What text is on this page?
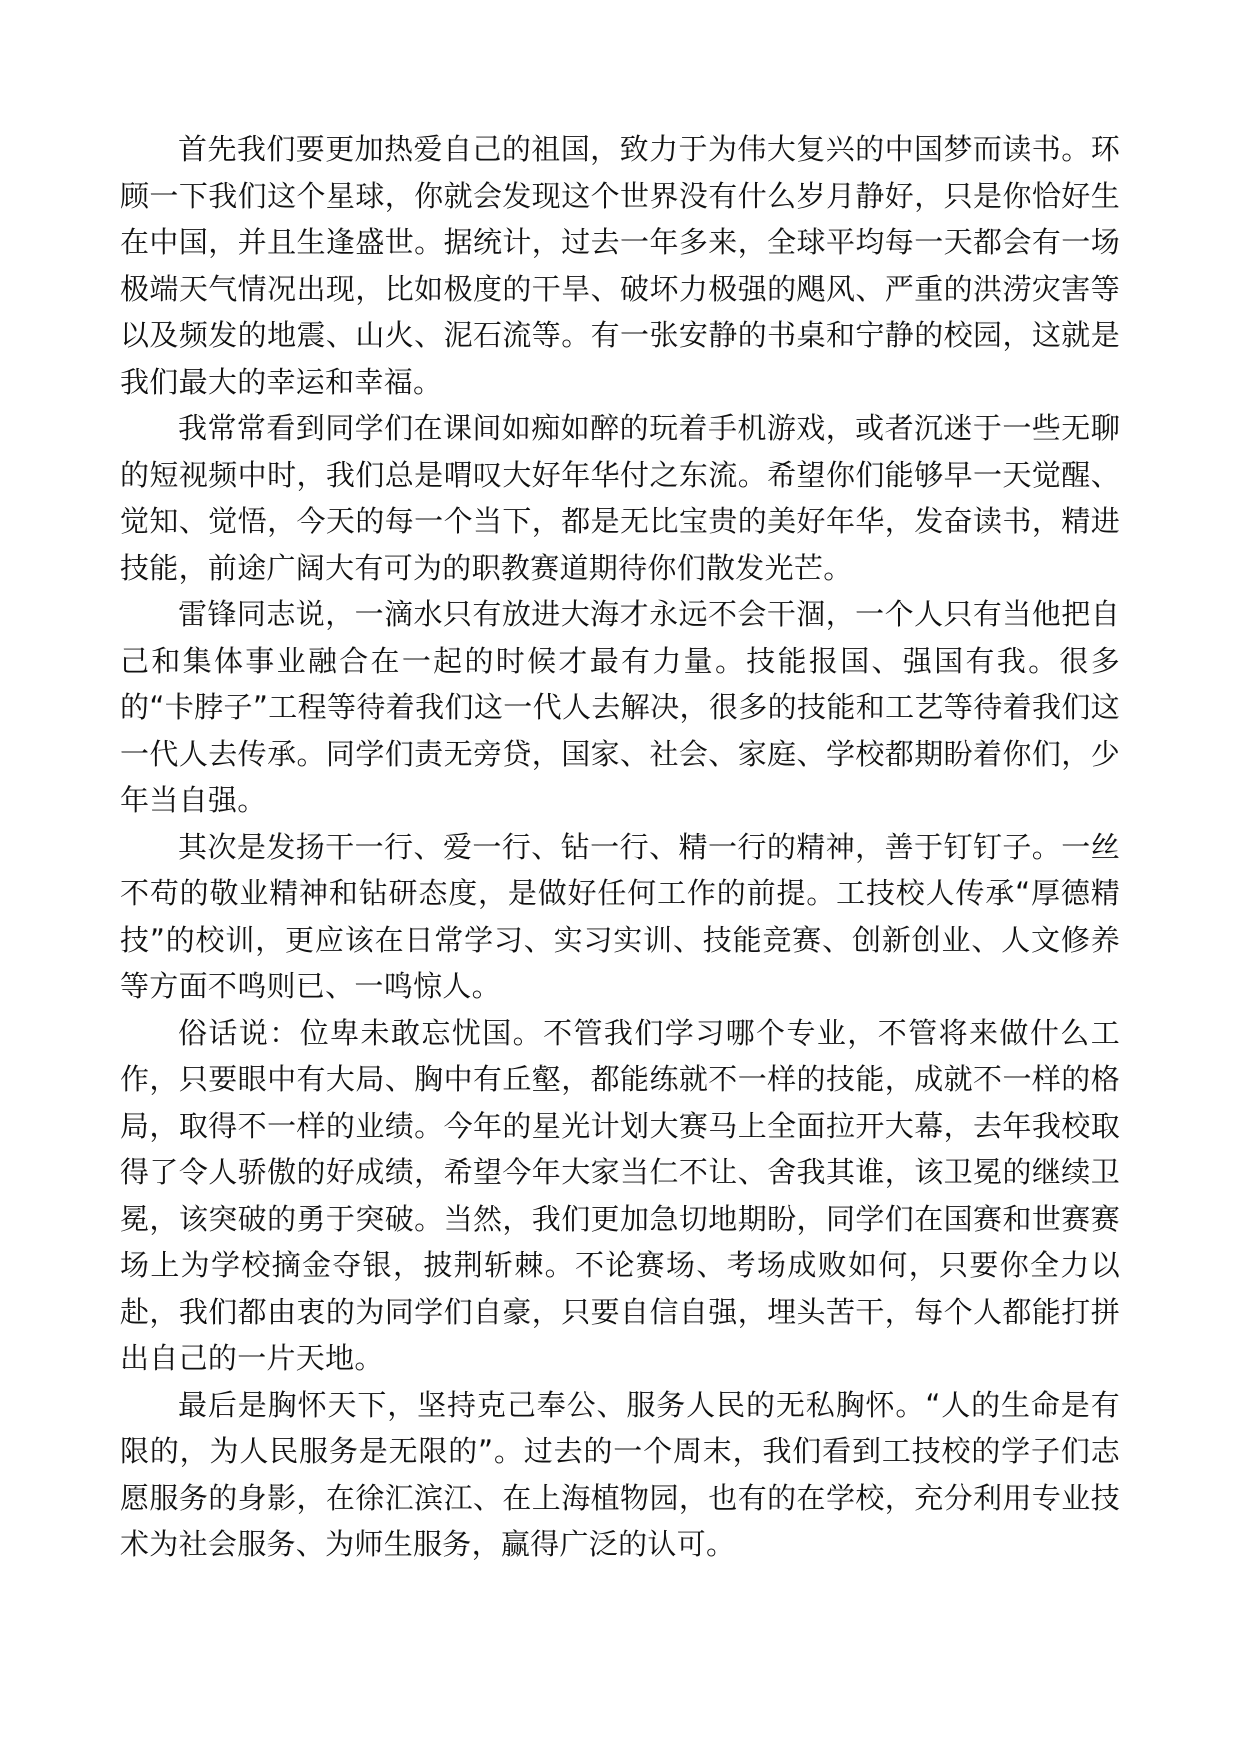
首先我们要更加热爱自己的祖国，致力于为伟大复兴的中国梦而读书。环顾一下我们这个星球，你就会发现这个世界没有什么岁月静好，只是你恰好生在中国，并且生逢盛世。据统计，过去一年多来，全球平均每一天都会有一场极端天气情况出现，比如极度的干旱、破坏力极强的飓风、严重的洪涝灾害等以及频发的地震、山火、泥石流等。有一张安静的书桌和宁静的校园，这就是我们最大的幸运和幸福。

我常常看到同学们在课间如痴如醉的玩着手机游戏，或者沉迷于一些无聊的短视频中时，我们总是喟叹大好年华付之东流。希望你们能够早一天觉醒、觉知、觉悟，今天的每一个当下，都是无比宝贵的美好年华，发奋读书，精进技能，前途广阔大有可为的职教赛道期待你们散发光芒。

雷锋同志说，一滴水只有放进大海才永远不会干涸，一个人只有当他把自己和集体事业融合在一起的时候才最有力量。技能报国、强国有我。很多的“卡脖子”工程等待着我们这一代人去解决，很多的技能和工艺等待着我们这一代人去传承。同学们责无旁贷，国家、社会、家庭、学校都期盼着你们，少年当自强。

其次是发扬干一行、爱一行、钻一行、精一行的精神，善于钉钉子。一丝不苟的敬业精神和钻研态度，是做好任何工作的前提。工技校人传承“厚德精技”的校训，更应该在日常学习、实习实训、技能竞赛、创新创业、人文修养等方面不鸣则已、一鸣惊人。

俗话说：位卑未敢忘忧国。不管我们学习哪个专业，不管将来做什么工作，只要眼中有大局、胸中有丘壑，都能练就不一样的技能，成就不一样的格局，取得不一样的业绩。今年的星光计划大赛马上全面拉开大幕，去年我校取得了令人骄傲的好成绩，希望今年大家当仁不让、舍我其谁，该卫冕的继续卫冕，该突破的勇于突破。当然，我们更加急切地期盼，同学们在国赛和世赛赛场上为学校摘金夺银，披荆斩棘。不论赛场、考场成败如何，只要你全力以赴，我们都由衷的为同学们自豪，只要自信自强，埋头苦干，每个人都能打拼出自己的一片天地。

最后是胸怀天下，坚持克己奉公、服务人民的无私胸怀。“人的生命是有限的，为人民服务是无限的”。过去的一个周末，我们看到工技校的学子们志愿服务的身影，在徐汇滨江、在上海植物园，也有的在学校，充分利用专业技术为社会服务、为师生服务，赢得广泛的认可。
